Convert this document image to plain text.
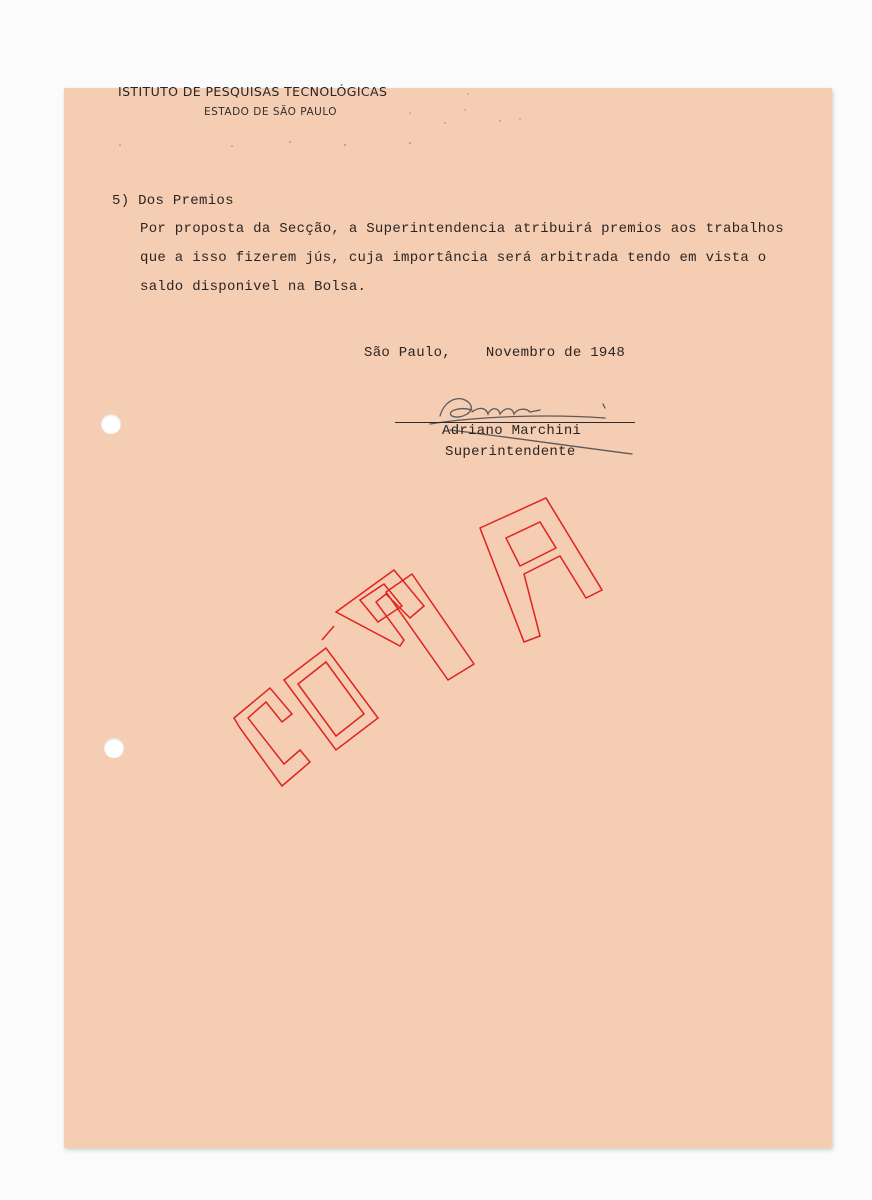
ISTITUTO DE PESQUISAS TECNOLÓGICAS
ESTADO DE SÃO PAULO
5) Dos Premios
Por proposta da Secção, a Superintendencia atribuirá premios aos trabalhos
que a isso fizerem jús, cuja importância será arbitrada tendo em vista o
saldo disponivel na Bolsa.
São Paulo,    Novembro de 1948
Adriano Marchini
Superintendente
